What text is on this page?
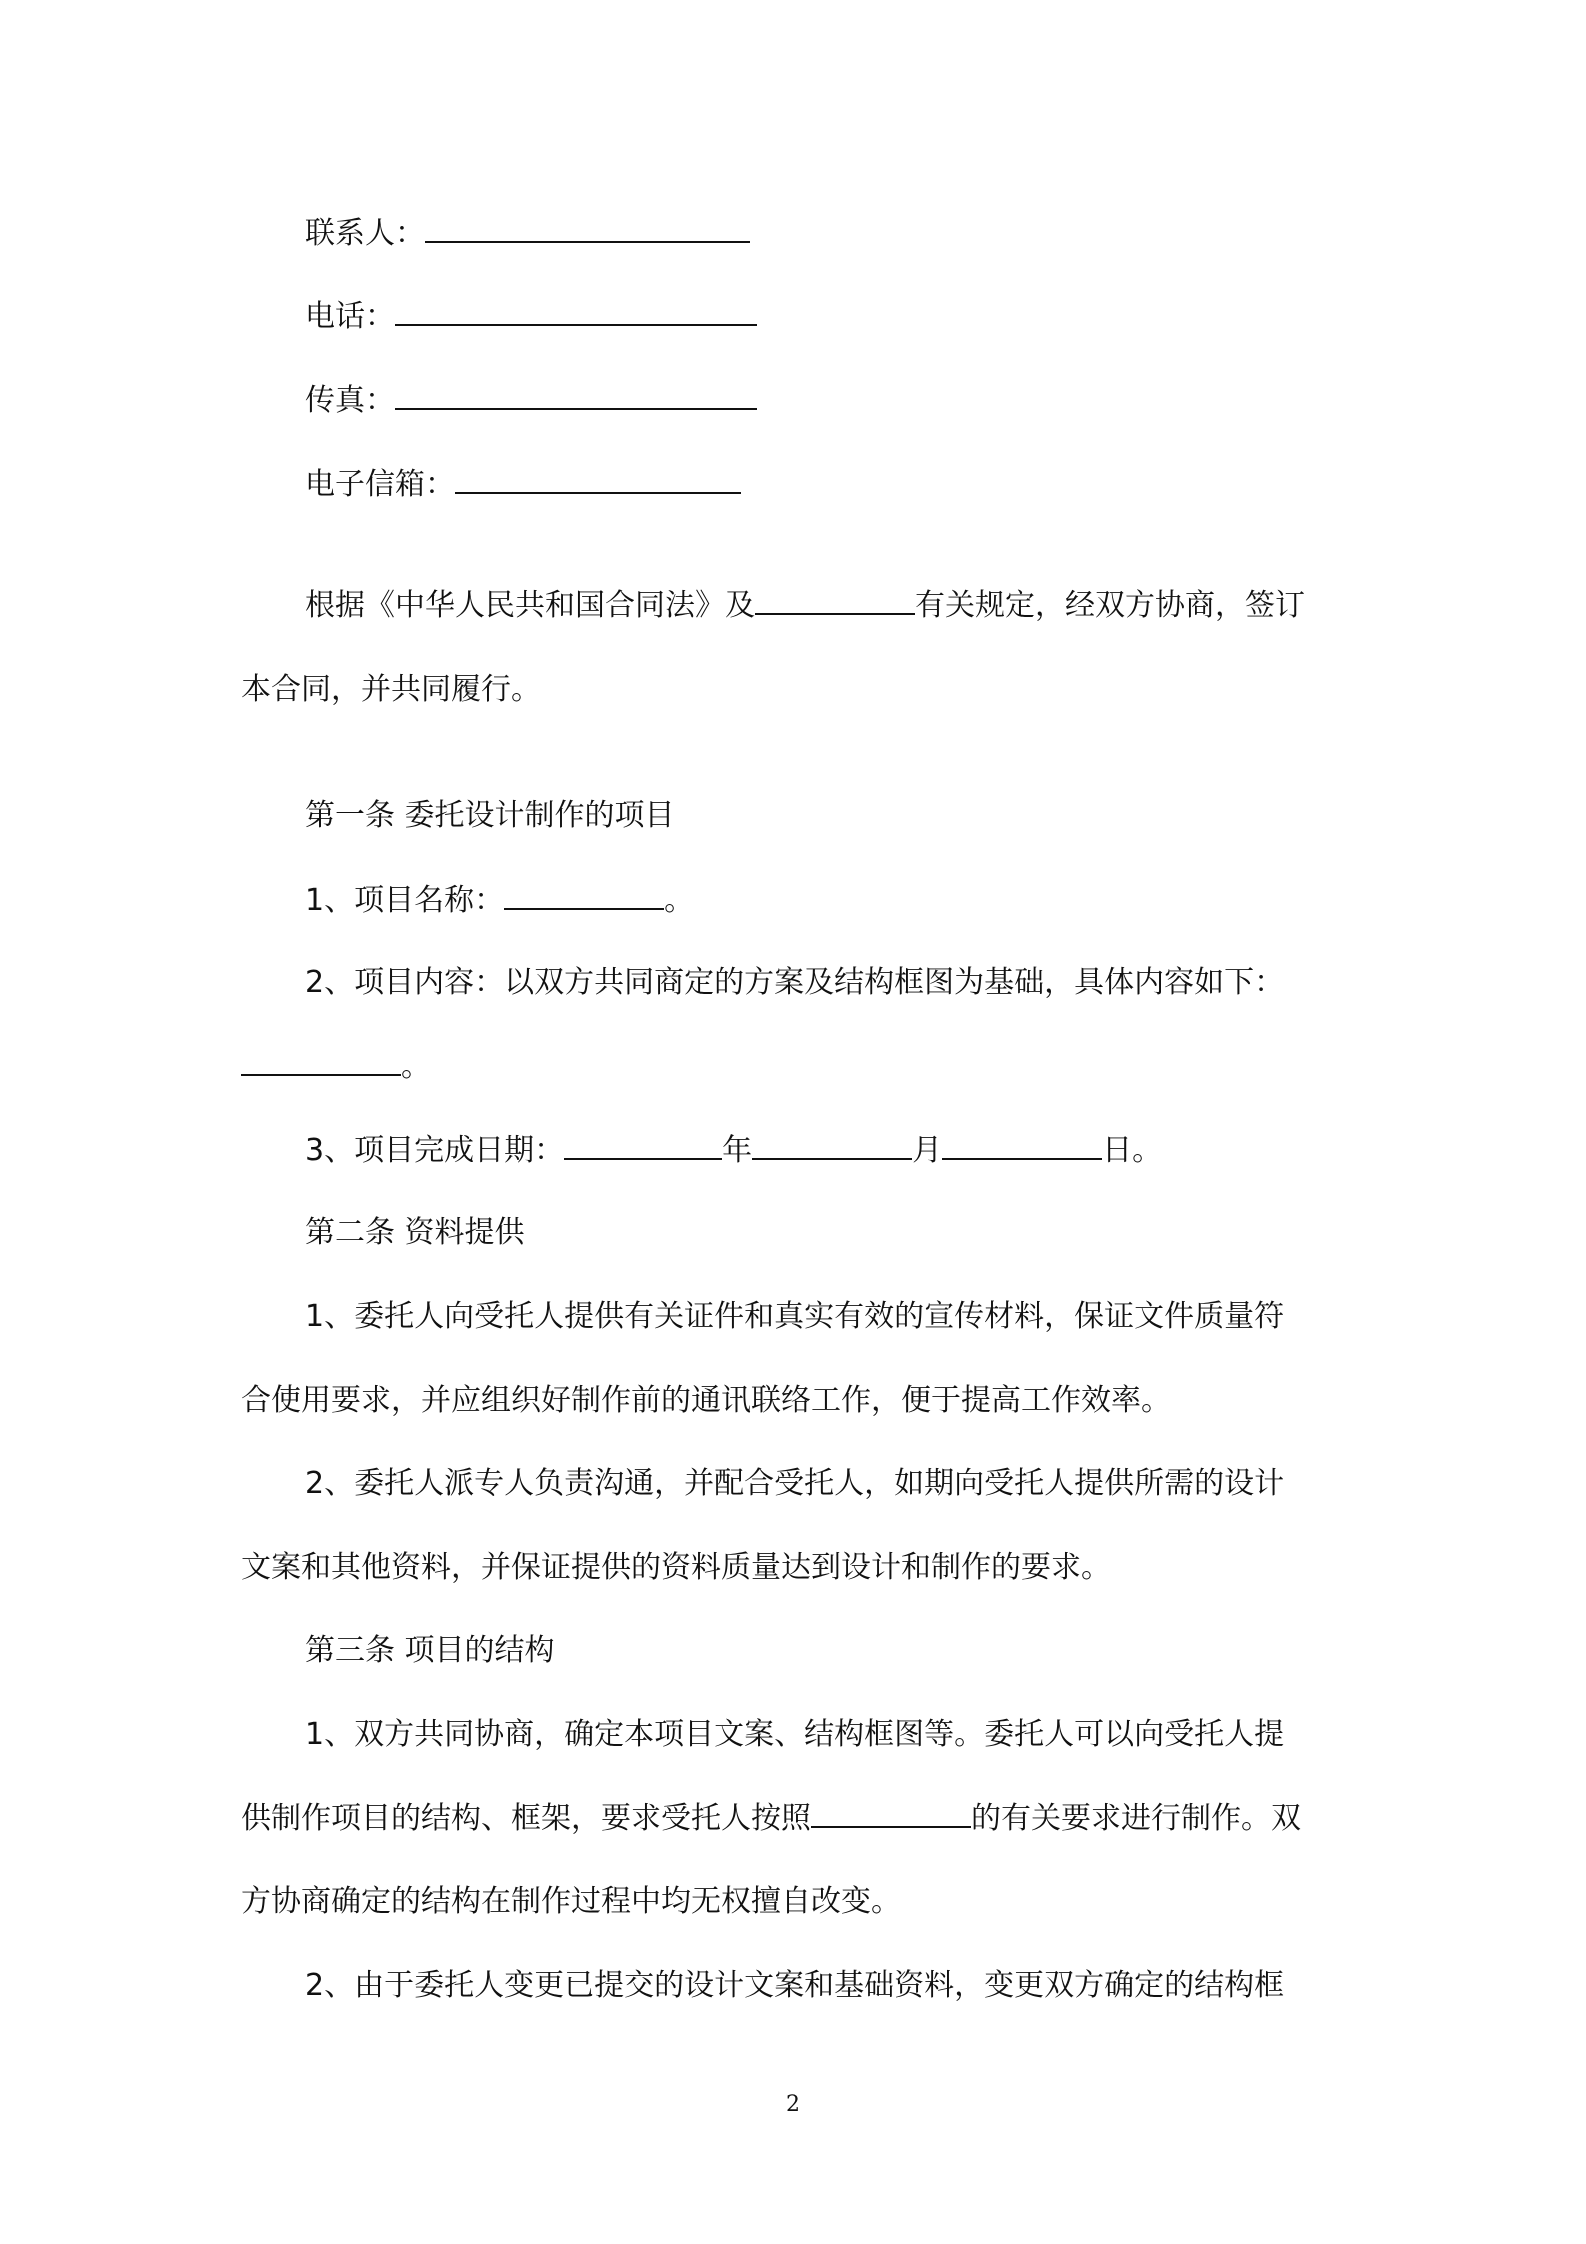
联系人：
电话：
传真：
电子信箱：
根据《中华人民共和国合同法》及	有关规定，经双方协商，签订
本合同，并共同履行。
第一条 委托设计制作的项目
1、项目名称：	。
2、项目内容：以双方共同商定的方案及结构框图为基础，具体内容如下：
。
3、项目完成日期：	年	月	日。
第二条 资料提供
1、委托人向受托人提供有关证件和真实有效的宣传材料，保证文件质量符
合使用要求，并应组织好制作前的通讯联络工作，便于提高工作效率。
2、委托人派专人负责沟通，并配合受托人，如期向受托人提供所需的设计
文案和其他资料，并保证提供的资料质量达到设计和制作的要求。
第三条 项目的结构
1、双方共同协商，确定本项目文案、结构框图等。委托人可以向受托人提
供制作项目的结构、框架，要求受托人按照	的有关要求进行制作。双
方协商确定的结构在制作过程中均无权擅自改变。
2、由于委托人变更已提交的设计文案和基础资料，变更双方确定的结构框
2
